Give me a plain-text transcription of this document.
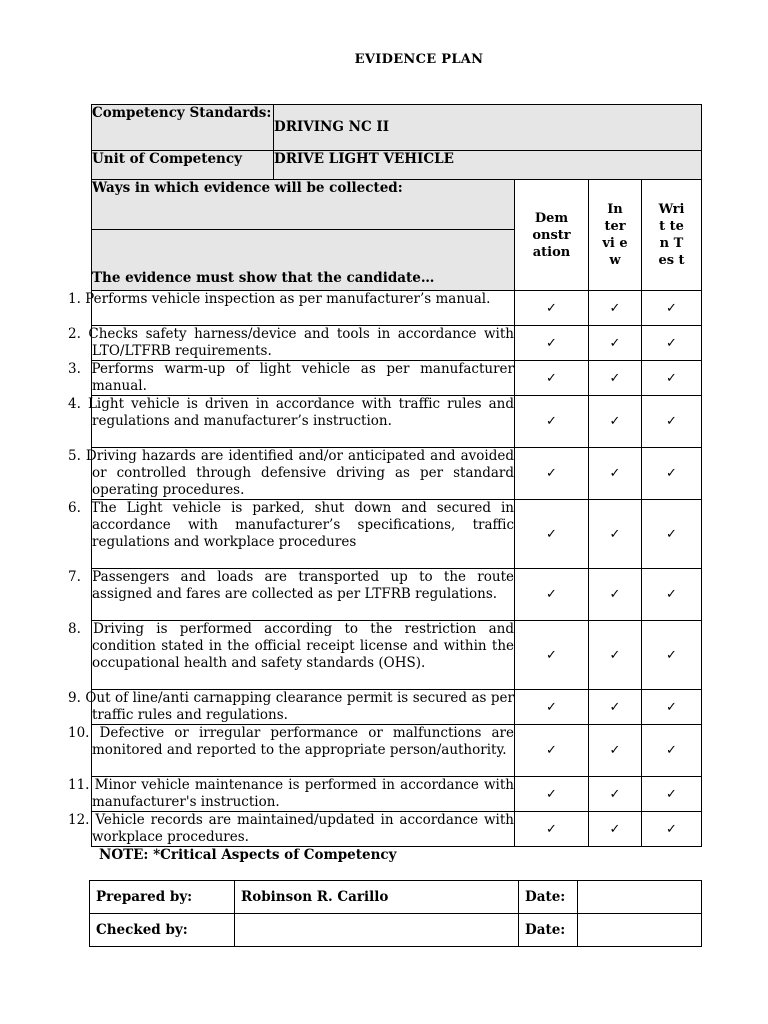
EVIDENCE PLAN
Competency Standards:	DRIVING NC II			
Unit of Competency	DRIVE LIGHT VEHICLE			
Ways in which evidence will be collected:		Dem onstr ation	In ter vi ew	Writ te n Tes t
The evidence must show that the candidate…				
1. Performs vehicle inspection as per manufacturer’s manual.		✓	✓	✓
2. Checks safety harness/device and tools in accordance with LTO/LTFRB requirements.		✓	✓	✓
3. Performs warm-up of light vehicle as per manufacturer manual.		✓	✓	✓
4. Light vehicle is driven in accordance with traffic rules and regulations and manufacturer’s instruction.		✓	✓	✓
5. Driving hazards are identified and/or anticipated and avoided or controlled through defensive driving as per standard operating procedures.		✓	✓	✓
6. The Light vehicle is parked, shut down and secured in accordance with manufacturer’s specifications, traffic regulations and workplace procedures		✓	✓	✓
7. Passengers and loads are transported up to the route assigned and fares are collected as per LTFRB regulations.		✓	✓	✓
8. Driving is performed according to the restriction and condition stated in the official receipt license and within the occupational health and safety standards (OHS).		✓	✓	✓
9. Out of line/anti carnapping clearance permit is secured as per traffic rules and regulations.		✓	✓	✓
10. Defective or irregular performance or malfunctions are monitored and reported to the appropriate person/authority.		✓	✓	✓
11. Minor vehicle maintenance is performed in accordance with manufacturer's instruction.		✓	✓	✓
12. Vehicle records are maintained/updated in accordance with workplace procedures.		✓	✓	✓
NOTE: *Critical Aspects of Competency
Prepared by:	Robinson R. Carillo	Date:	
Checked by:		Date:	
